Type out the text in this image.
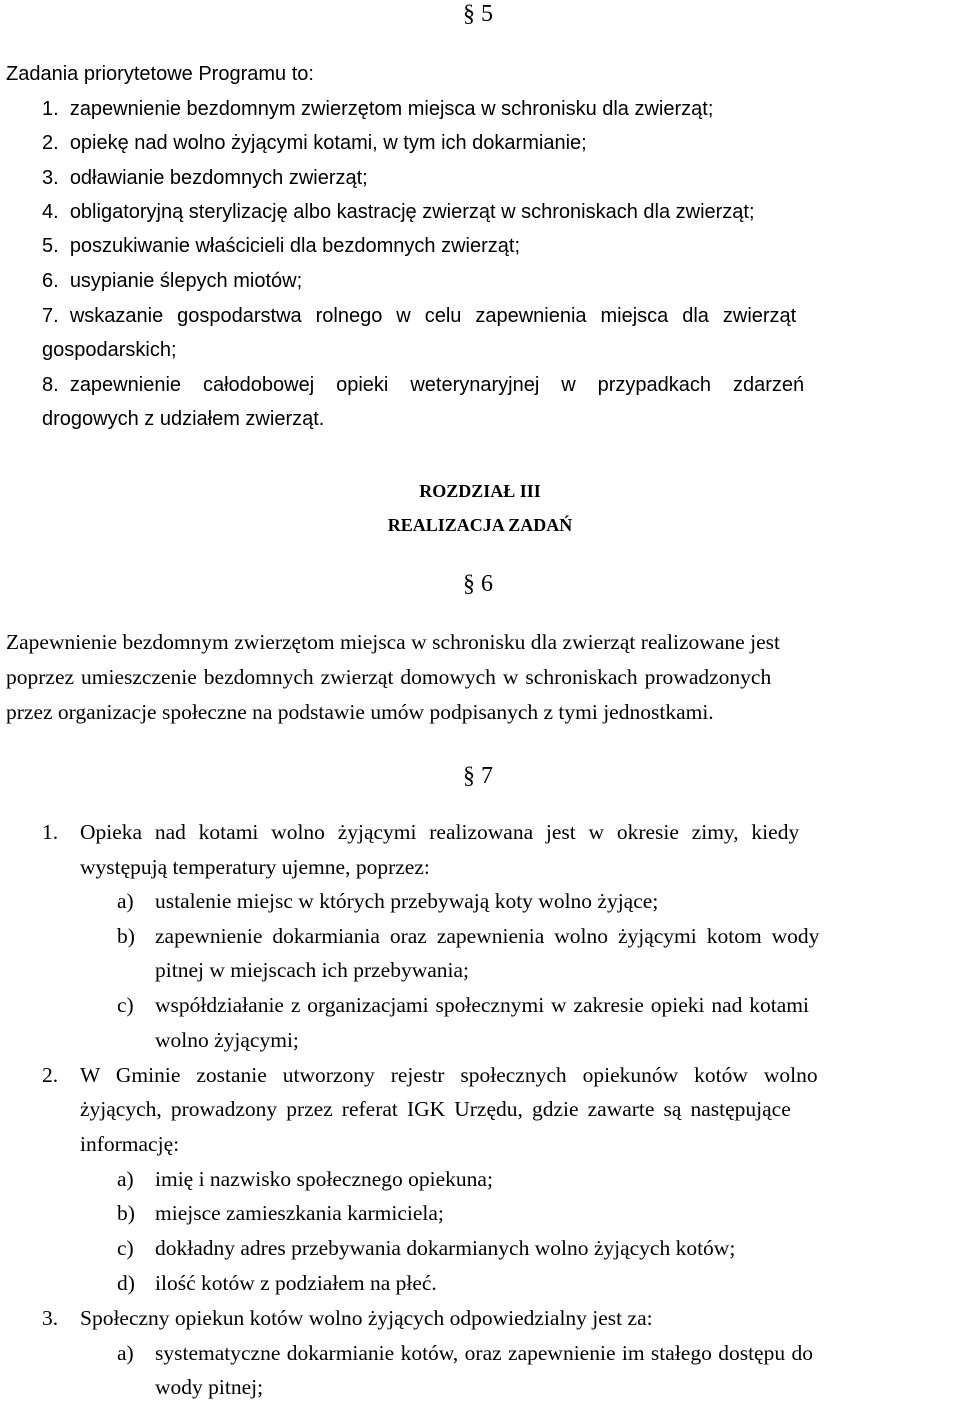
§ 5
Zadania priorytetowe Programu to:
1. zapewnienie bezdomnym zwierzętom miejsca w schronisku dla zwierząt;
2. opiekę nad wolno żyjącymi kotami, w tym ich dokarmianie;
3. odławianie bezdomnych zwierząt;
4. obligatoryjną sterylizację albo kastrację zwierząt w schroniskach dla zwierząt;
5. poszukiwanie właścicieli dla bezdomnych zwierząt;
6. usypianie ślepych miotów;
7. wskazanie gospodarstwa rolnego w celu zapewnienia miejsca dla zwierząt
gospodarskich;
8. zapewnienie całodobowej opieki weterynaryjnej w przypadkach zdarzeń
drogowych z udziałem zwierząt.
ROZDZIAŁ III
REALIZACJA ZADAŃ
§ 6
Zapewnienie bezdomnym zwierzętom miejsca w schronisku dla zwierząt realizowane jest
poprzez umieszczenie bezdomnych zwierząt domowych w schroniskach prowadzonych
przez organizacje społeczne na podstawie umów podpisanych z tymi jednostkami.
§ 7
1. Opieka nad kotami wolno żyjącymi realizowana jest w okresie zimy, kiedy
występują temperatury ujemne, poprzez:
a) ustalenie miejsc w których przebywają koty wolno żyjące;
b) zapewnienie dokarmiania oraz zapewnienia wolno żyjącymi kotom wody
pitnej w miejscach ich przebywania;
c) współdziałanie z organizacjami społecznymi w zakresie opieki nad kotami
wolno żyjącymi;
2. W Gminie zostanie utworzony rejestr społecznych opiekunów kotów wolno
żyjących, prowadzony przez referat IGK Urzędu, gdzie zawarte są następujące
informację:
a) imię i nazwisko społecznego opiekuna;
b) miejsce zamieszkania karmiciela;
c) dokładny adres przebywania dokarmianych wolno żyjących kotów;
d) ilość kotów z podziałem na płeć.
3. Społeczny opiekun kotów wolno żyjących odpowiedzialny jest za:
a) systematyczne dokarmianie kotów, oraz zapewnienie im stałego dostępu do
wody pitnej;
